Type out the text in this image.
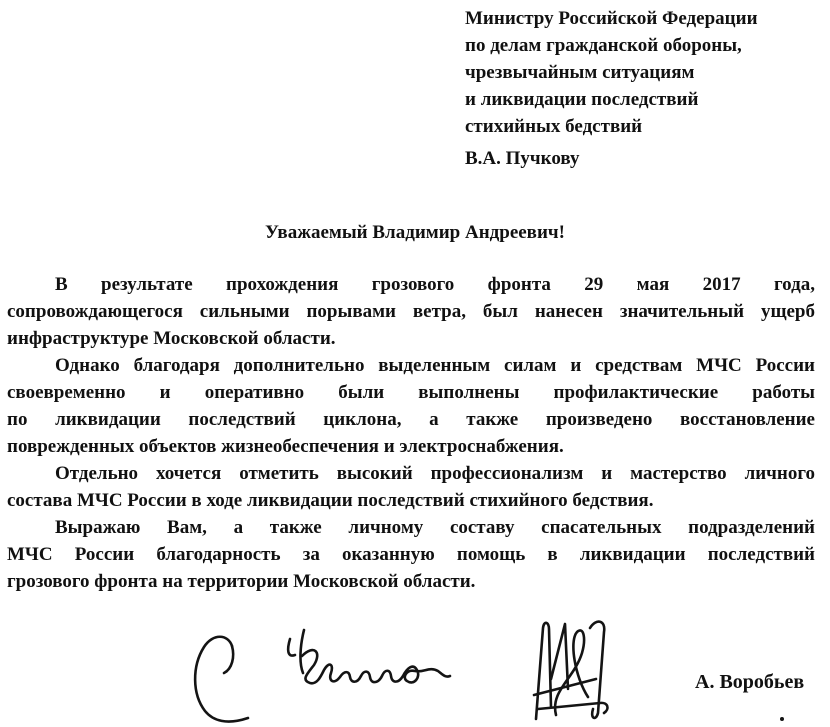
Министру Российской Федерации
по делам гражданской обороны,
чрезвычайным ситуациям
и ликвидации последствий
стихийных бедствий
В.А. Пучкову
Уважаемый Владимир Андреевич!
В результате прохождения грозового фронта 29 мая 2017 года,
сопровождающегося сильными порывами ветра, был нанесен значительный ущерб
инфраструктуре Московской области.
Однако благодаря дополнительно выделенным силам и средствам МЧС России
своевременно и оперативно были выполнены профилактические работы
по ликвидации последствий циклона, а также произведено восстановление
поврежденных объектов жизнеобеспечения и электроснабжения.
Отдельно хочется отметить высокий профессионализм и мастерство личного
состава МЧС России в ходе ликвидации последствий стихийного бедствия.
Выражаю Вам, а также личному составу спасательных подразделений
МЧС России благодарность за оказанную помощь в ликвидации последствий
грозового фронта на территории Московской области.
А. Воробьев
